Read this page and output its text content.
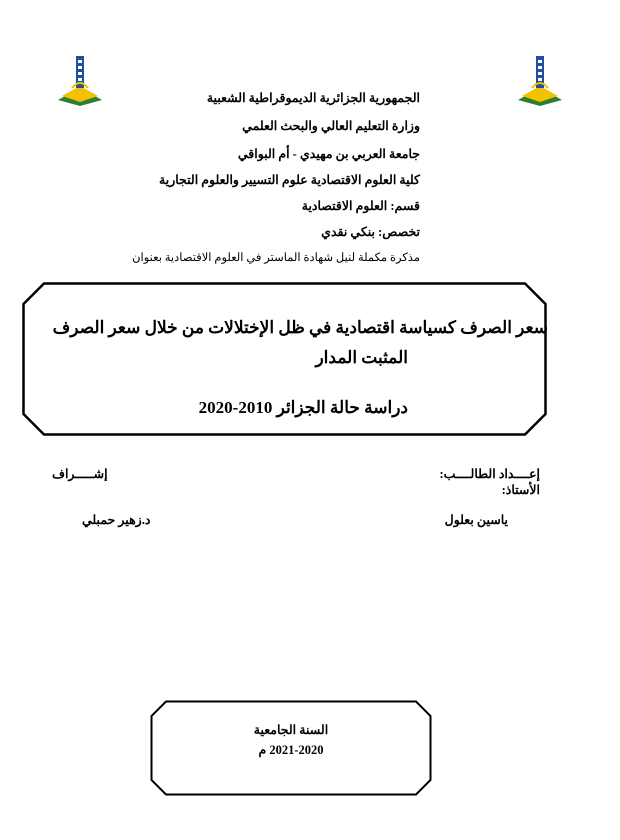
الجمهورية الجزائرية الديموقراطية الشعبية
وزارة التعليم العالي والبحث العلمي
جامعة العربي بن مهيدي - أم البواقي
كلية العلوم الاقتصادية علوم التسيير والعلوم التجارية
قسم: العلوم الاقتصادية
تخصص: بنكي نقدي
مذكرة مكملة لنيل شهادة الماستر في العلوم الاقتصادية بعنوان
سعر الصرف كسياسة اقتصادية في ظل الإختلالات من خلال سعر الصرف
المثبت المدار
دراسة حالة الجزائر 2010-2020
إعــــداد الطالــــب:
إشـــــراف
الأستاذ:
ياسين بعلول
د.زهير حمبلي
السنة الجامعية
2021-2020 م
